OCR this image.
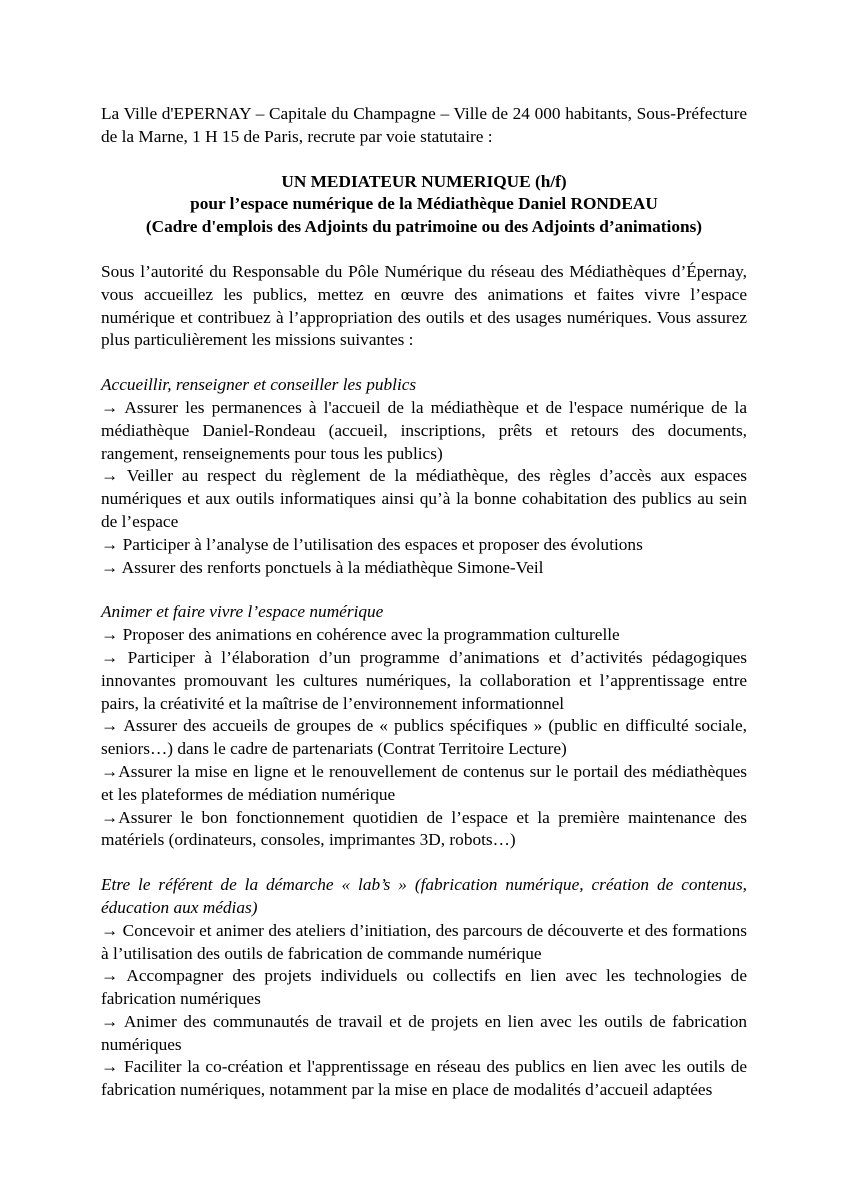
La Ville d'EPERNAY – Capitale du Champagne – Ville de 24 000 habitants, Sous-Préfecture de la Marne, 1 H 15 de Paris, recrute par voie statutaire :

UN MEDIATEUR NUMERIQUE (h/f)
pour l’espace numérique de la Médiathèque Daniel RONDEAU
(Cadre d'emplois des Adjoints du patrimoine ou des Adjoints d’animations)

Sous l’autorité du Responsable du Pôle Numérique du réseau des Médiathèques d’Épernay, vous accueillez les publics, mettez en œuvre des animations et faites vivre l’espace numérique et contribuez à l’appropriation des outils et des usages numériques. Vous assurez plus particulièrement les missions suivantes :

Accueillir, renseigner et conseiller les publics

→ Assurer les permanences à l'accueil de la médiathèque et de l'espace numérique de la médiathèque Daniel-Rondeau (accueil, inscriptions, prêts et retours des documents, rangement, renseignements pour tous les publics)

→ Veiller au respect du règlement de la médiathèque, des règles d’accès aux espaces numériques et aux outils informatiques ainsi qu’à la bonne cohabitation des publics au sein de l’espace

→ Participer à l’analyse de l’utilisation des espaces et proposer des évolutions

→ Assurer des renforts ponctuels à la médiathèque Simone-Veil

Animer et faire vivre l’espace numérique

→ Proposer des animations en cohérence avec la programmation culturelle

→ Participer à l’élaboration d’un programme d’animations et d’activités pédagogiques innovantes promouvant les cultures numériques, la collaboration et l’apprentissage entre pairs, la créativité et la maîtrise de l’environnement informationnel

→ Assurer des accueils de groupes de « publics spécifiques » (public en difficulté sociale, seniors…) dans le cadre de partenariats (Contrat Territoire Lecture)

→Assurer la mise en ligne et le renouvellement de contenus sur le portail des médiathèques et les plateformes de médiation numérique

→Assurer le bon fonctionnement quotidien de l’espace et la première maintenance des matériels (ordinateurs, consoles, imprimantes 3D, robots…)

Etre le référent de la démarche « lab’s » (fabrication numérique, création de contenus, éducation aux médias)

→ Concevoir et animer des ateliers d’initiation, des parcours de découverte et des formations à l’utilisation des outils de fabrication de commande numérique

→ Accompagner des projets individuels ou collectifs en lien avec les technologies de fabrication numériques

→ Animer des communautés de travail et de projets en lien avec les outils de fabrication numériques

→ Faciliter la co-création et l'apprentissage en réseau des publics en lien avec les outils de fabrication numériques, notamment par la mise en place de modalités d’accueil adaptées
